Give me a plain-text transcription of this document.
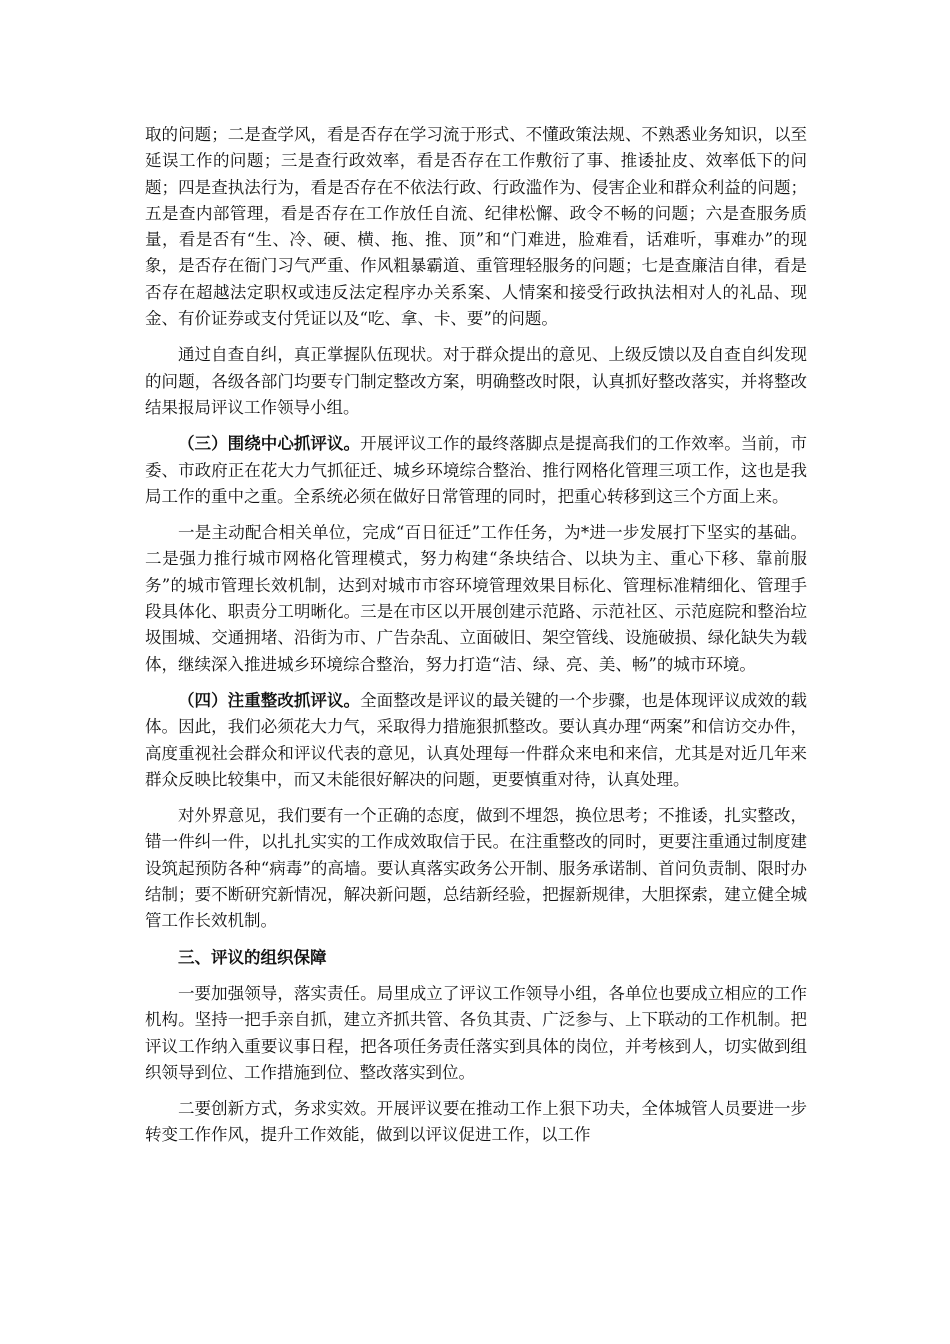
取的问题；二是查学风，看是否存在学习流于形式、不懂政策法规、不熟悉业务知识，以至延误工作的问题；三是查行政效率，看是否存在工作敷衍了事、推诿扯皮、效率低下的问题；四是查执法行为，看是否存在不依法行政、行政滥作为、侵害企业和群众利益的问题；五是查内部管理，看是否存在工作放任自流、纪律松懈、政令不畅的问题；六是查服务质量，看是否有“生、冷、硬、横、拖、推、顶”和“门难进，脸难看，话难听，事难办”的现象，是否存在衙门习气严重、作风粗暴霸道、重管理轻服务的问题；七是查廉洁自律，看是否存在超越法定职权或违反法定程序办关系案、人情案和接受行政执法相对人的礼品、现金、有价证券或支付凭证以及“吃、拿、卡、要”的问题。

通过自查自纠，真正掌握队伍现状。对于群众提出的意见、上级反馈以及自查自纠发现的问题，各级各部门均要专门制定整改方案，明确整改时限，认真抓好整改落实，并将整改结果报局评议工作领导小组。

（三）围绕中心抓评议。开展评议工作的最终落脚点是提高我们的工作效率。当前，市委、市政府正在花大力气抓征迁、城乡环境综合整治、推行网格化管理三项工作，这也是我局工作的重中之重。全系统必须在做好日常管理的同时，把重心转移到这三个方面上来。

一是主动配合相关单位，完成“百日征迁”工作任务，为*进一步发展打下坚实的基础。二是强力推行城市网格化管理模式，努力构建“条块结合、以块为主、重心下移、靠前服务”的城市管理长效机制，达到对城市市容环境管理效果目标化、管理标准精细化、管理手段具体化、职责分工明晰化。三是在市区以开展创建示范路、示范社区、示范庭院和整治垃圾围城、交通拥堵、沿街为市、广告杂乱、立面破旧、架空管线、设施破损、绿化缺失为载体，继续深入推进城乡环境综合整治，努力打造“洁、绿、亮、美、畅”的城市环境。

（四）注重整改抓评议。全面整改是评议的最关键的一个步骤，也是体现评议成效的载体。因此，我们必须花大力气，采取得力措施狠抓整改。要认真办理“两案”和信访交办件，高度重视社会群众和评议代表的意见，认真处理每一件群众来电和来信，尤其是对近几年来群众反映比较集中，而又未能很好解决的问题，更要慎重对待，认真处理。

对外界意见，我们要有一个正确的态度，做到不埋怨，换位思考；不推诿，扎实整改，错一件纠一件，以扎扎实实的工作成效取信于民。在注重整改的同时，更要注重通过制度建设筑起预防各种“病毒”的高墙。要认真落实政务公开制、服务承诺制、首问负责制、限时办结制；要不断研究新情况，解决新问题，总结新经验，把握新规律，大胆探索，建立健全城管工作长效机制。

三、评议的组织保障

一要加强领导，落实责任。局里成立了评议工作领导小组，各单位也要成立相应的工作机构。坚持一把手亲自抓，建立齐抓共管、各负其责、广泛参与、上下联动的工作机制。把评议工作纳入重要议事日程，把各项任务责任落实到具体的岗位，并考核到人，切实做到组织领导到位、工作措施到位、整改落实到位。

二要创新方式，务求实效。开展评议要在推动工作上狠下功夫，全体城管人员要进一步转变工作作风，提升工作效能，做到以评议促进工作，以工作
